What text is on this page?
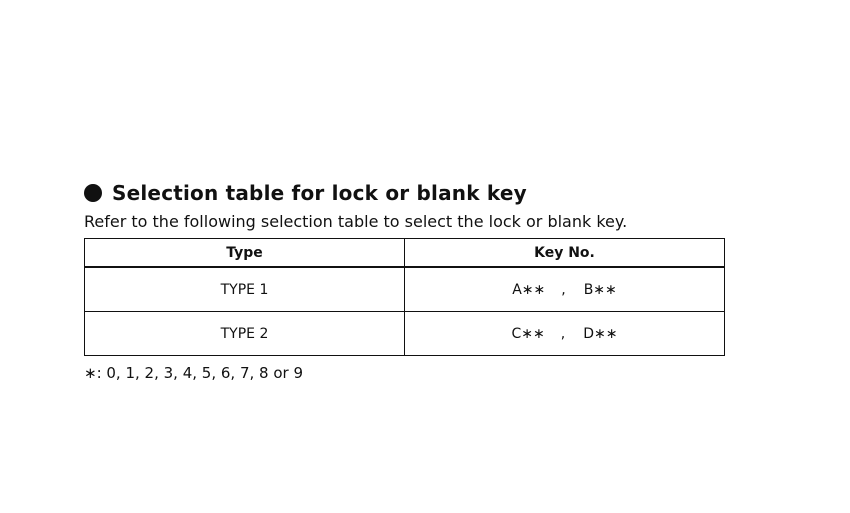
Selection table for lock or blank key
Refer to the following selection table to select the lock or blank key.
Type	Key No.
TYPE 1	A∗∗ , B∗∗
TYPE 2	C∗∗ , D∗∗
∗: 0, 1, 2, 3, 4, 5, 6, 7, 8 or 9
